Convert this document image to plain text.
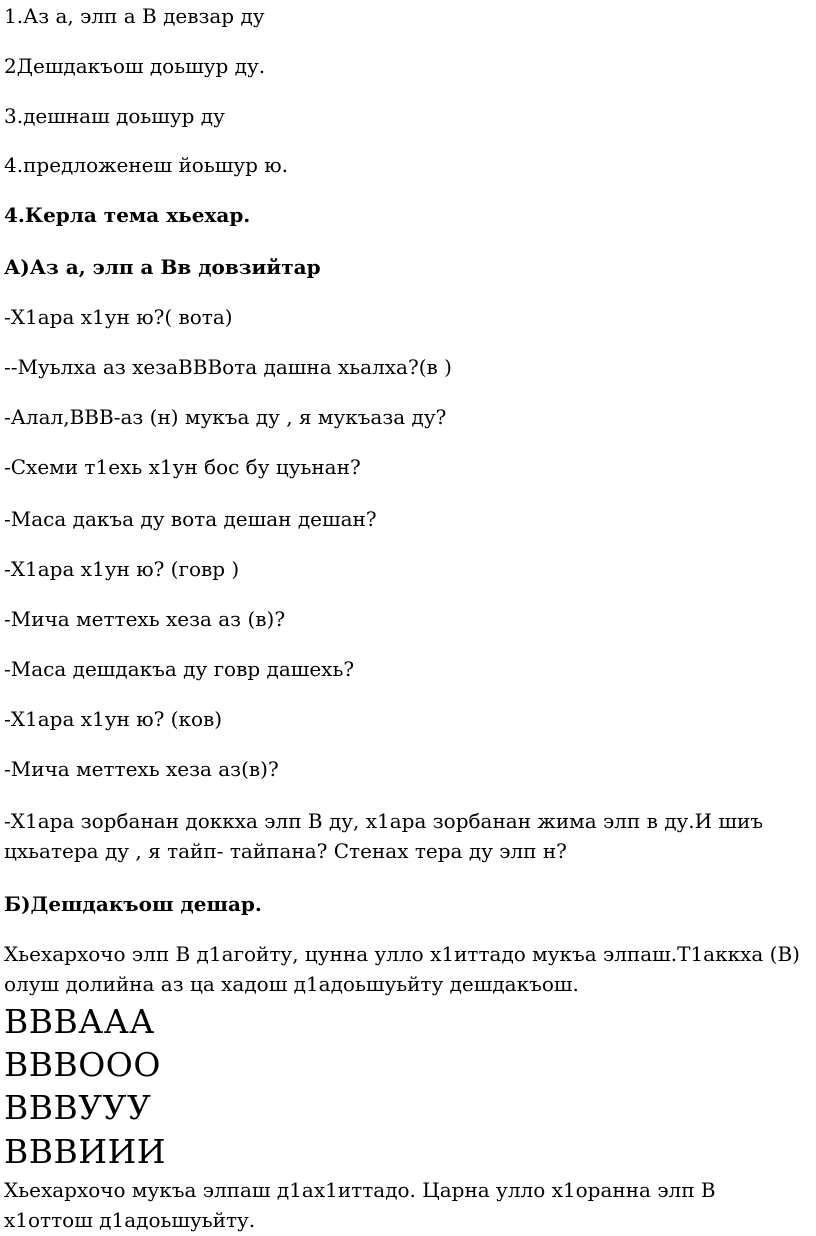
1.Аз а, элп а В девзар ду
2Дешдакъош доьшур ду.
3.дешнаш доьшур ду
4.предложенеш йоьшур ю.
4.Керла тема хьехар.
А)Аз а, элп а Вв довзийтар
-Х1ара х1ун ю?( вота)
--Муьлха аз хезаВВВота дашна хьалха?(в )
-Алал,ВВВ-аз (н) мукъа ду , я мукъаза ду?
-Схеми т1ехь х1ун бос бу цуьнан?
-Маса дакъа ду вота дешан дешан?
-Х1ара х1ун ю? (говр )
-Мича меттехь хеза аз (в)?
-Маса дешдакъа ду говр дашехь?
-Х1ара х1ун ю? (ков)
-Мича меттехь хеза аз(в)?
-Х1ара зорбанан доккха элп В ду, х1ара зорбанан жима элп в ду.И шиъ цхьатера ду , я тайп- тайпана? Стенах тера ду элп н?
Б)Дешдакъош дешар.
Хьехархочо элп В д1агойту, цунна улло х1иттадо мукъа элпаш.Т1аккха (В) олуш долийна аз ца хадош д1адоьшуьйту дешдакъош.
ВВВААА
ВВВООО
ВВВУУУ
ВВВИИИ
Хьехархочо мукъа элпаш д1ах1иттадо. Царна улло х1оранна элп В х1оттош д1адоьшуьйту.
